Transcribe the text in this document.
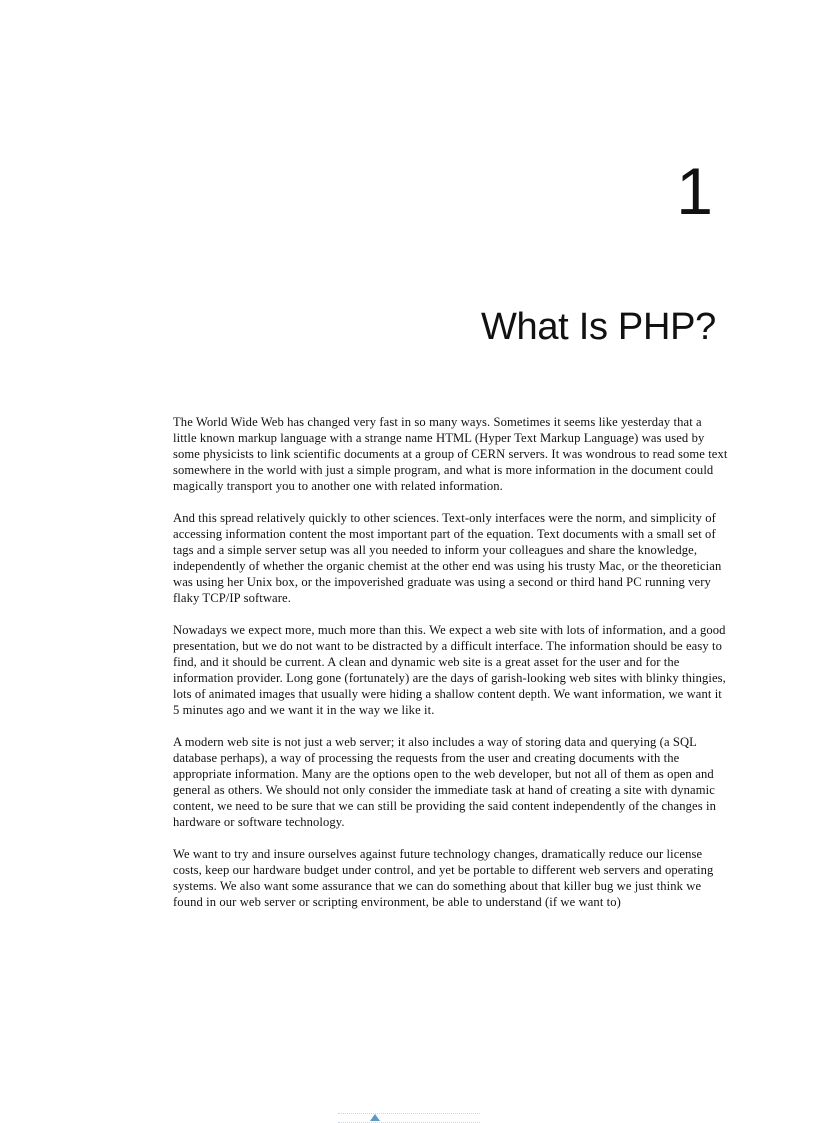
1
What Is PHP?

The World Wide Web has changed very fast in so many ways. Sometimes it seems like yesterday that a little known markup language with a strange name HTML (Hyper Text Markup Language) was used by some physicists to link scientific documents at a group of CERN servers. It was wondrous to read some text somewhere in the world with just a simple program, and what is more information in the document could magically transport you to another one with related information.

And this spread relatively quickly to other sciences. Text-only interfaces were the norm, and simplicity of accessing information content the most important part of the equation. Text documents with a small set of tags and a simple server setup was all you needed to inform your colleagues and share the knowledge, independently of whether the organic chemist at the other end was using his trusty Mac, or the theoretician was using her Unix box, or the impoverished graduate was using a second or third hand PC running very flaky TCP/IP software.

Nowadays we expect more, much more than this. We expect a web site with lots of information, and a good presentation, but we do not want to be distracted by a difficult interface. The information should be easy to find, and it should be current. A clean and dynamic web site is a great asset for the user and for the information provider. Long gone (fortunately) are the days of garish-looking web sites with blinky thingies, lots of animated images that usually were hiding a shallow content depth. We want information, we want it 5 minutes ago and we want it in the way we like it.

A modern web site is not just a web server; it also includes a way of storing data and querying (a SQL database perhaps), a way of processing the requests from the user and creating documents with the appropriate information. Many are the options open to the web developer, but not all of them as open and general as others. We should not only consider the immediate task at hand of creating a site with dynamic content, we need to be sure that we can still be providing the said content independently of the changes in hardware or software technology.

We want to try and insure ourselves against future technology changes, dramatically reduce our license costs, keep our hardware budget under control, and yet be portable to different web servers and operating systems. We also want some assurance that we can do something about that killer bug we just think we found in our web server or scripting environment, be able to understand (if we want to)
